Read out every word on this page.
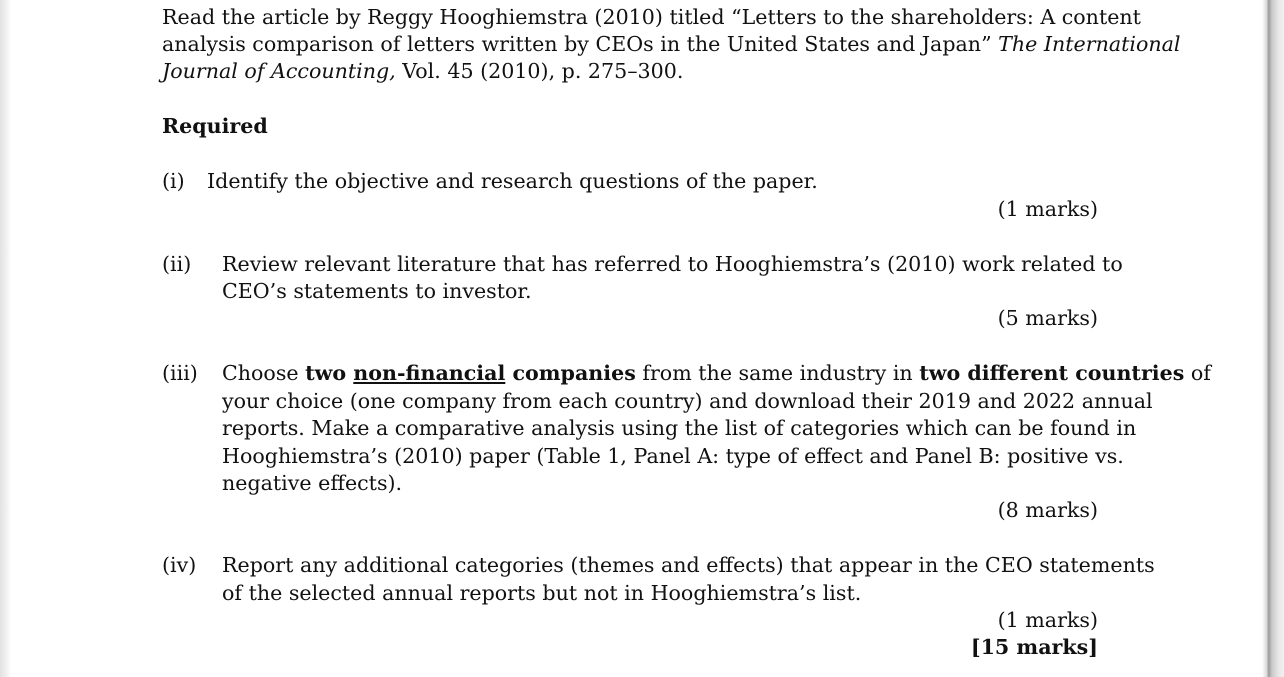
Read the article by Reggy Hooghiemstra (2010) titled “Letters to the shareholders: A content
analysis comparison of letters written by CEOs in the United States and Japan” The International
Journal of Accounting, Vol. 45 (2010), p. 275–300.
Required
(i) Identify the objective and research questions of the paper.
(1 marks)
(ii) Review relevant literature that has referred to Hooghiemstra’s (2010) work related to
CEO’s statements to investor.
(5 marks)
(iii) Choose two non-financial companies from the same industry in two different countries of
your choice (one company from each country) and download their 2019 and 2022 annual
reports. Make a comparative analysis using the list of categories which can be found in
Hooghiemstra’s (2010) paper (Table 1, Panel A: type of effect and Panel B: positive vs.
negative effects).
(8 marks)
(iv) Report any additional categories (themes and effects) that appear in the CEO statements
of the selected annual reports but not in Hooghiemstra’s list.
(1 marks)
[15 marks]
